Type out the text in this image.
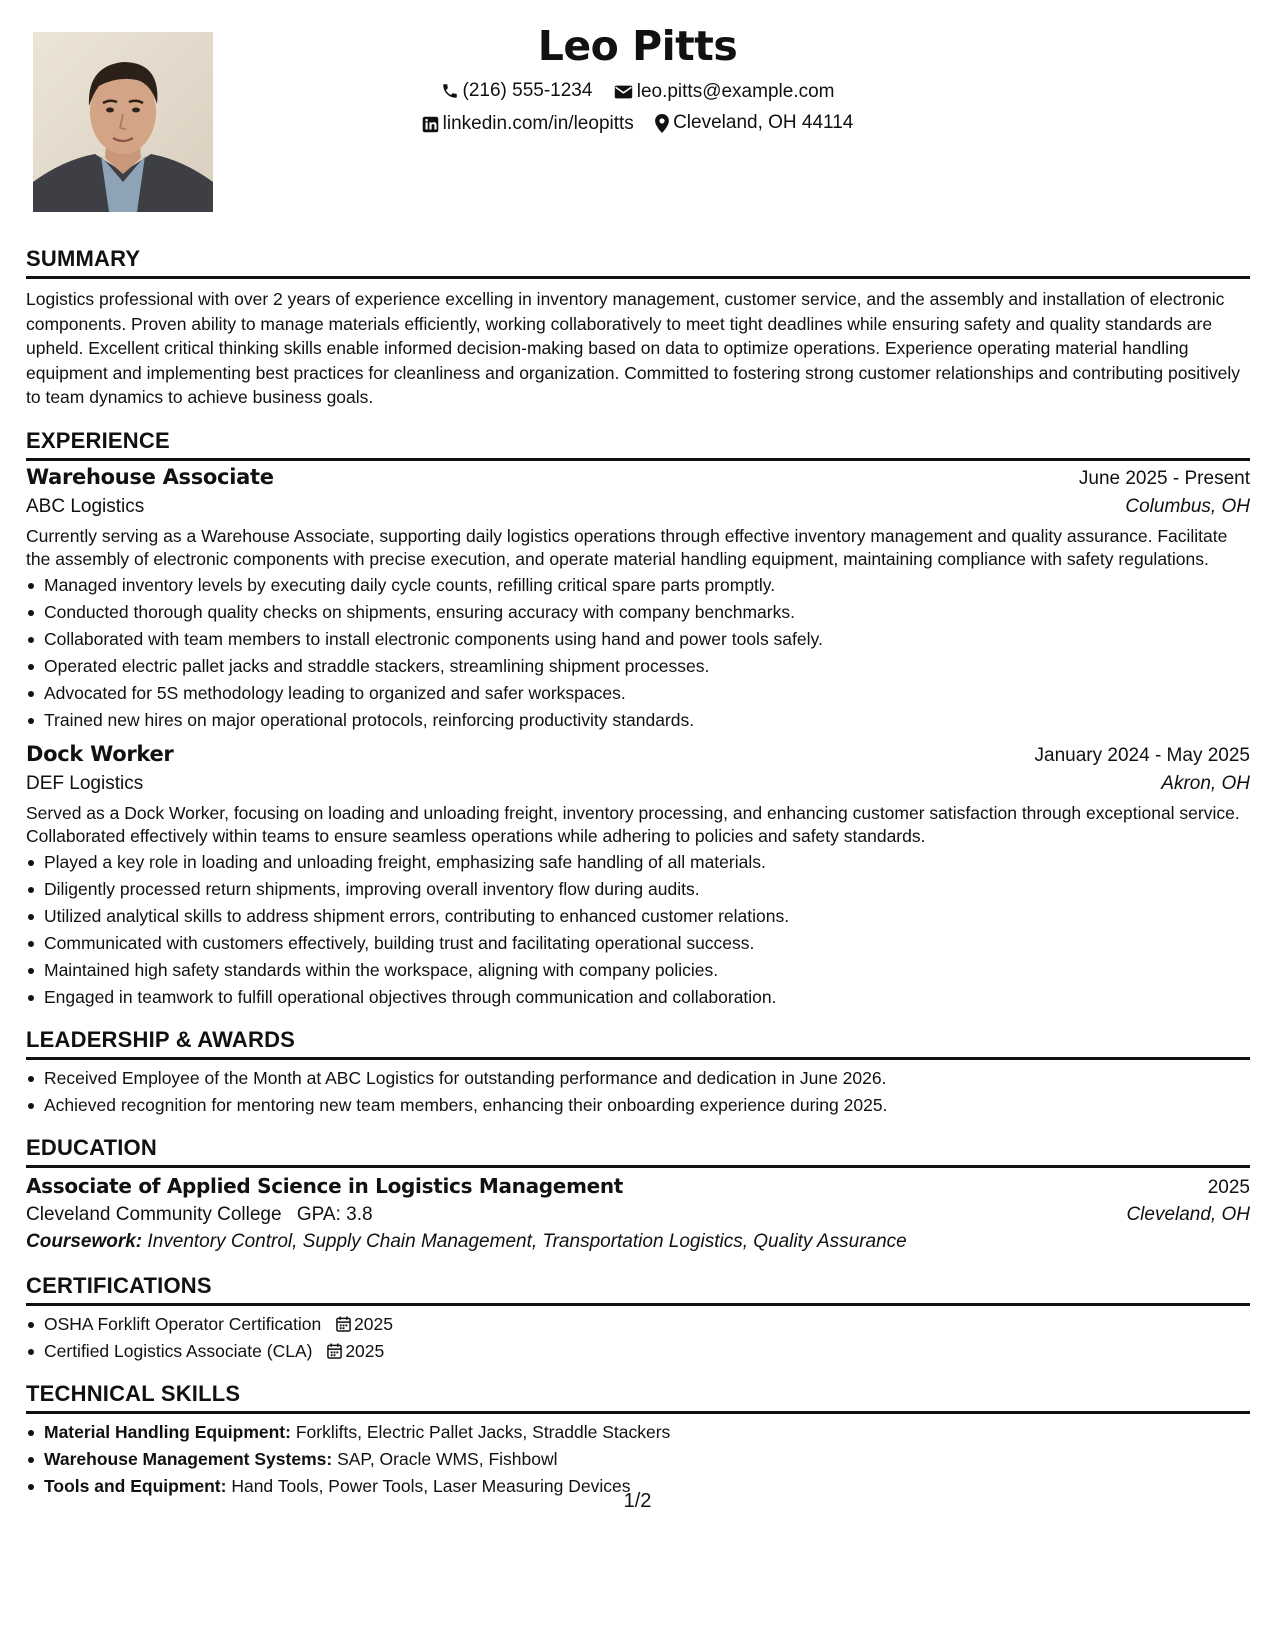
Leo Pitts
(216) 555-1234
leo.pitts@example.com
linkedin.com/in/leopitts
Cleveland, OH 44114
SUMMARY

Logistics professional with over 2 years of experience excelling in inventory management, customer service, and the assembly and installation of electronic components. Proven ability to manage materials efficiently, working collaboratively to meet tight deadlines while ensuring safety and quality standards are upheld. Excellent critical thinking skills enable informed decision-making based on data to optimize operations. Experience operating material handling equipment and implementing best practices for cleanliness and organization. Committed to fostering strong customer relationships and contributing positively to team dynamics to achieve business goals.

EXPERIENCE
Warehouse Associate	June 2025 - Present
ABC Logistics	Columbus, OH

Currently serving as a Warehouse Associate, supporting daily logistics operations through effective inventory management and quality assurance. Facilitate the assembly of electronic components with precise execution, and operate material handling equipment, maintaining compliance with safety regulations.

Managed inventory levels by executing daily cycle counts, refilling critical spare parts promptly.
Conducted thorough quality checks on shipments, ensuring accuracy with company benchmarks.
Collaborated with team members to install electronic components using hand and power tools safely.
Operated electric pallet jacks and straddle stackers, streamlining shipment processes.
Advocated for 5S methodology leading to organized and safer workspaces.
Trained new hires on major operational protocols, reinforcing productivity standards.
Dock Worker	January 2024 - May 2025
DEF Logistics	Akron, OH

Served as a Dock Worker, focusing on loading and unloading freight, inventory processing, and enhancing customer satisfaction through exceptional service. Collaborated effectively within teams to ensure seamless operations while adhering to policies and safety standards.

Played a key role in loading and unloading freight, emphasizing safe handling of all materials.
Diligently processed return shipments, improving overall inventory flow during audits.
Utilized analytical skills to address shipment errors, contributing to enhanced customer relations.
Communicated with customers effectively, building trust and facilitating operational success.
Maintained high safety standards within the workspace, aligning with company policies.
Engaged in teamwork to fulfill operational objectives through communication and collaboration.
LEADERSHIP & AWARDS
Received Employee of the Month at ABC Logistics for outstanding performance and dedication in June 2026.
Achieved recognition for mentoring new team members, enhancing their onboarding experience during 2025.
EDUCATION
Associate of Applied Science in Logistics Management	2025
Cleveland Community College GPA: 3.8	Cleveland, OH
Coursework: Inventory Control, Supply Chain Management, Transportation Logistics, Quality Assurance
CERTIFICATIONS
OSHA Forklift Operator Certification 2025
Certified Logistics Associate (CLA) 2025
TECHNICAL SKILLS
Material Handling Equipment: Forklifts, Electric Pallet Jacks, Straddle Stackers
Warehouse Management Systems: SAP, Oracle WMS, Fishbowl
Tools and Equipment: Hand Tools, Power Tools, Laser Measuring Devices
1/2
